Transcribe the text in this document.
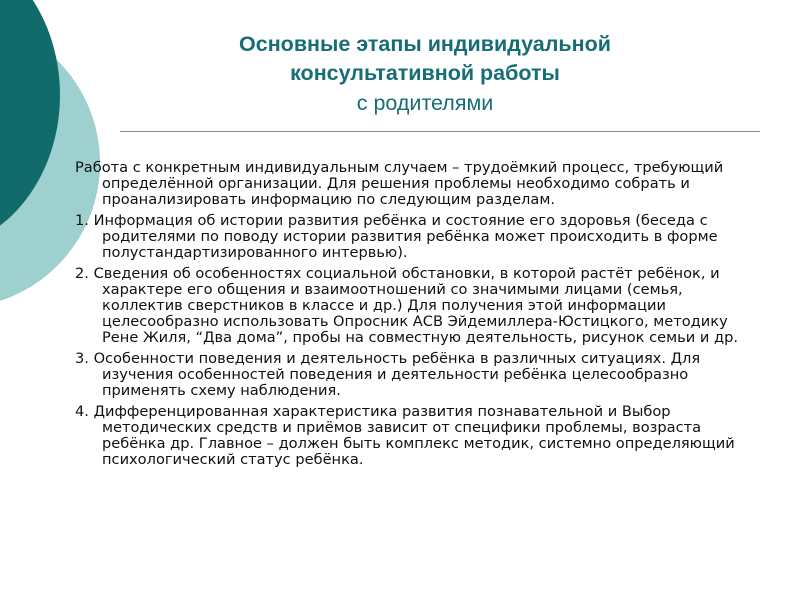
Основные этапы индивидуальной
консультативной работы
с родителями

Работа с конкретным индивидуальным случаем – трудоёмкий процесс, требующий определённой организации. Для решения проблемы необходимо собрать и проанализировать информацию по следующим разделам.

1. Информация об истории развития ребёнка и состояние его здоровья (беседа с родителями по поводу истории развития ребёнка может происходить в форме полустандартизированного интервью).

2. Сведения об особенностях социальной обстановки, в которой растёт ребёнок, и характере его общения и взаимоотношений со значимыми лицами (семья, коллектив сверстников в классе и др.) Для получения этой информации целесообразно использовать Опросник АСВ Эйдемиллера-Юстицкого, методику Рене Жиля, “Два дома”, пробы на совместную деятельность, рисунок семьи и др.

3. Особенности поведения и деятельность ребёнка в различных ситуациях. Для изучения особенностей поведения и деятельности ребёнка целесообразно применять схему наблюдения.

4. Дифференцированная характеристика развития познавательной и Выбор методических средств и приёмов зависит от специфики проблемы, возраста ребёнка др. Главное – должен быть комплекс методик, системно определяющий психологический статус ребёнка.
